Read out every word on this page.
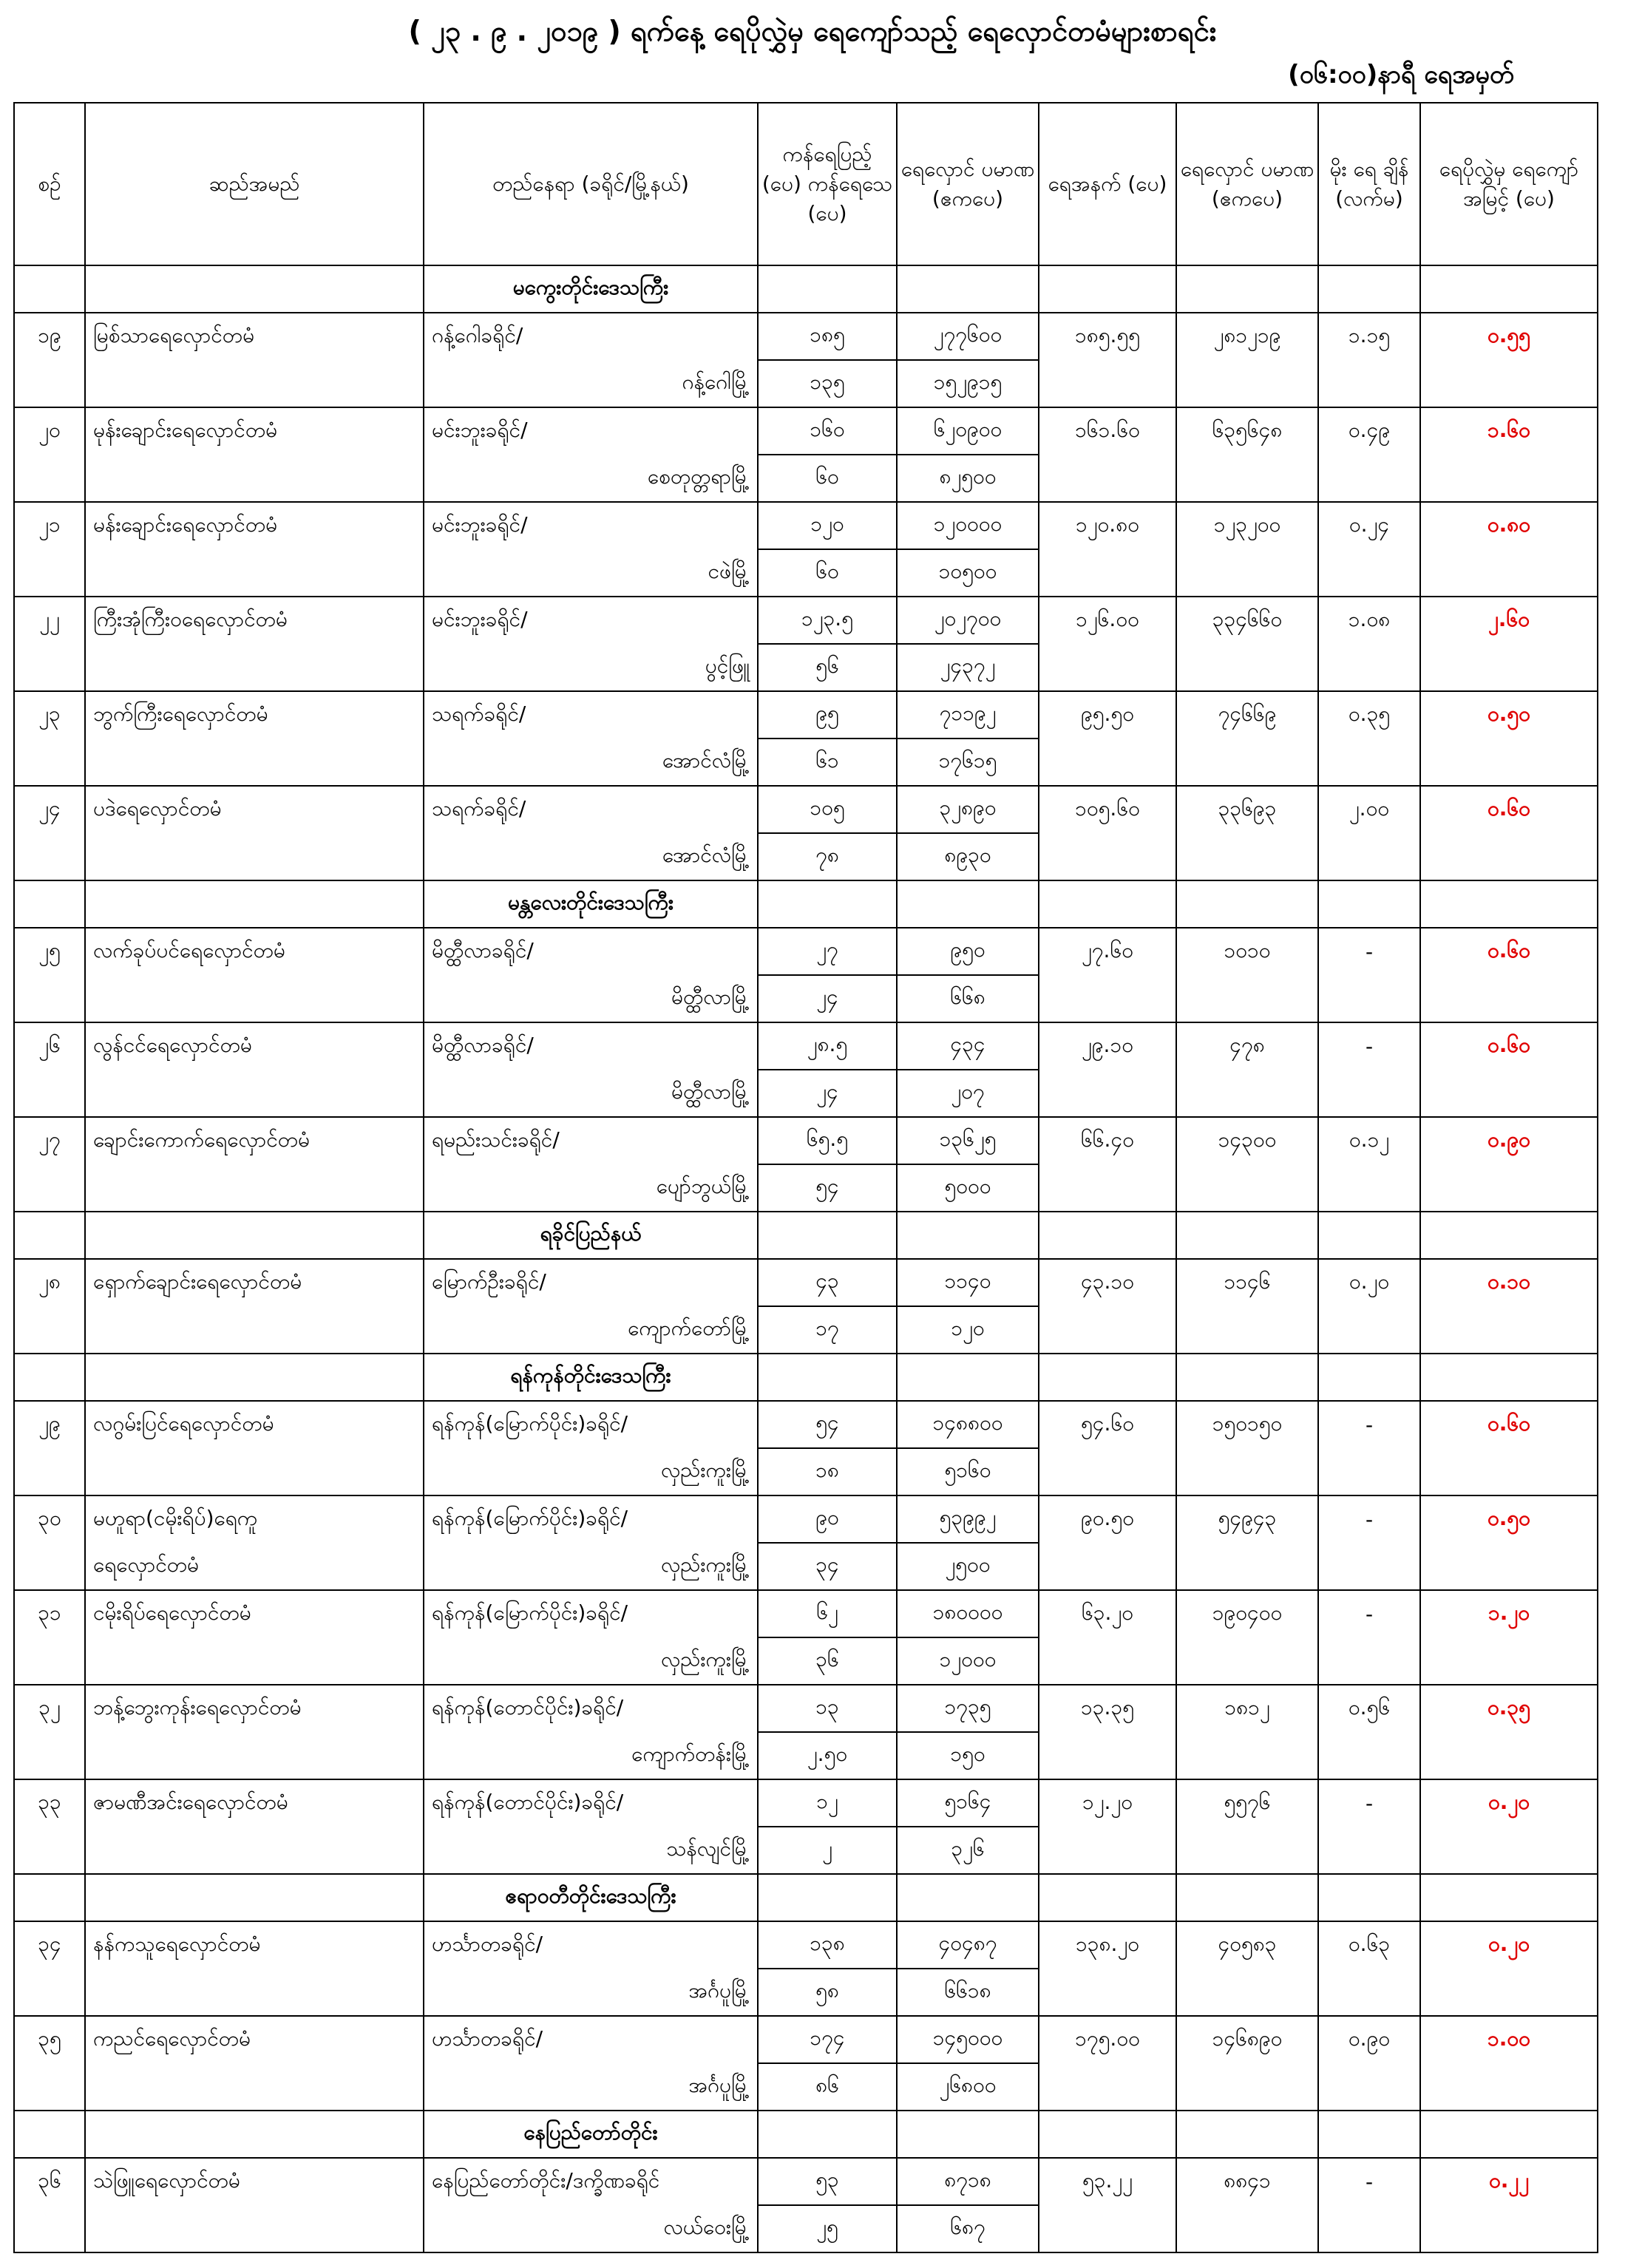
( ၂၃ . ၉ . ၂၀၁၉ ) ရက်နေ့ ရေပိုလွှဲမှ ရေကျော်သည့် ရေလှောင်တမံများစာရင်း
(၀၆:၀၀)နာရီ ရေအမှတ်
စဉ်	ဆည်အမည်	တည်နေရာ (ခရိုင်/မြို့နယ်)	ကန်ရေပြည့် (ပေ) ကန်ရေသေ (ပေ)	ရေလှောင် ပမာဏ (ဧကပေ)	ရေအနက် (ပေ)	ရေလှောင် ပမာဏ (ဧကပေ)	မိုး ရေ ချိန် (လက်မ)	ရေပိုလွှဲမှ ရေကျော် အမြင့် (ပေ)
		မကွေးတိုင်းဒေသကြီး						
၁၉	မြစ်သာရေလှောင်တမံ	ဂန့်ဂေါခရိုင်/	၁၈၅	၂၇၇၆၀၀	၁၈၅.၅၅	၂၈၁၂၁၉	၁.၁၅	၀.၅၅
		ဂန့်ဂေါမြို့	၁၃၅	၁၅၂၉၁၅				
၂၀	မုန်းချောင်းရေလှောင်တမံ	မင်းဘူးခရိုင်/	၁၆၀	၆၂၀၉၀၀	၁၆၁.၆၀	၆၃၅၆၄၈	၀.၄၉	၁.၆၀
		စေတုတ္တရာမြို့	၆၀	၈၂၅၀၀				
၂၁	မန်းချောင်းရေလှောင်တမံ	မင်းဘူးခရိုင်/	၁၂၀	၁၂၀၀၀၀	၁၂၀.၈၀	၁၂၃၂၀၀	၀.၂၄	၀.၈၀
		ငဖဲမြို့	၆၀	၁၀၅၀၀				
၂၂	ကြီးအုံကြီးဝရေလှောင်တမံ	မင်းဘူးခရိုင်/	၁၂၃.၅	၂၀၂၇၀၀	၁၂၆.၀၀	၃၃၄၆၆၀	၁.၀၈	၂.၆၀
		ပွင့်ဖြူ	၅၆	၂၄၃၇၂				
၂၃	ဘွက်ကြီးရေလှောင်တမံ	သရက်ခရိုင်/	၉၅	၇၁၁၉၂	၉၅.၅၀	၇၄၆၆၉	၀.၃၅	၀.၅၀
		အောင်လံမြို့	၆၁	၁၇၆၁၅				
၂၄	ပဒဲရေလှောင်တမံ	သရက်ခရိုင်/	၁၀၅	၃၂၈၉၀	၁၀၅.၆၀	၃၃၆၉၃	၂.၀၀	၀.၆၀
		အောင်လံမြို့	၇၈	၈၉၃၀				
		မန္တလေးတိုင်းဒေသကြီး						
၂၅	လက်ခုပ်ပင်ရေလှောင်တမံ	မိတ္ထီလာခရိုင်/	၂၇	၉၅၀	၂၇.၆၀	၁၀၁၀	-	၀.၆၀
		မိတ္ထီလာမြို့	၂၄	၆၆၈				
၂၆	လွန်ငင်ရေလှောင်တမံ	မိတ္ထီလာခရိုင်/	၂၈.၅	၄၃၄	၂၉.၁၀	၄၇၈	-	၀.၆၀
		မိတ္ထီလာမြို့	၂၄	၂၀၇				
၂၇	ချောင်းကောက်ရေလှောင်တမံ	ရမည်းသင်းခရိုင်/	၆၅.၅	၁၃၆၂၅	၆၆.၄၀	၁၄၃၀၀	၀.၁၂	၀.၉၀
		ပျော်ဘွယ်မြို့	၅၄	၅၀၀၀				
		ရခိုင်ပြည်နယ်						
၂၈	ရှောက်ချောင်းရေလှောင်တမံ	မြောက်ဦးခရိုင်/	၄၃	၁၁၄၀	၄၃.၁၀	၁၁၄၆	၀.၂၀	၀.၁၀
		ကျောက်တော်မြို့	၁၇	၁၂၀				
		ရန်ကုန်တိုင်းဒေသကြီး						
၂၉	လဂွမ်းပြင်ရေလှောင်တမံ	ရန်ကုန်(မြောက်ပိုင်း)ခရိုင်/	၅၄	၁၄၈၈၀၀	၅၄.၆၀	၁၅၀၁၅၀	-	၀.၆၀
		လှည်းကူးမြို့	၁၈	၅၁၆၀				
၃၀	မဟူရာ(ငမိုးရိပ်)ရေကူ	ရန်ကုန်(မြောက်ပိုင်း)ခရိုင်/	၉၀	၅၃၉၉၂	၉၀.၅၀	၅၄၉၄၃	-	၀.၅၀
	ရေလှောင်တမံ	လှည်းကူးမြို့	၃၄	၂၅၀၀				
၃၁	ငမိုးရိပ်ရေလှောင်တမံ	ရန်ကုန်(မြောက်ပိုင်း)ခရိုင်/	၆၂	၁၈၀၀၀၀	၆၃.၂၀	၁၉၀၄၀၀	-	၁.၂၀
		လှည်းကူးမြို့	၃၆	၁၂၀၀၀				
၃၂	ဘန့်ဘွေးကုန်းရေလှောင်တမံ	ရန်ကုန်(တောင်ပိုင်း)ခရိုင်/	၁၃	၁၇၃၅	၁၃.၃၅	၁၈၁၂	၀.၅၆	၀.၃၅
		ကျောက်တန်းမြို့	၂.၅၀	၁၅၀				
၃၃	ဇာမဏီအင်းရေလှောင်တမံ	ရန်ကုန်(တောင်ပိုင်း)ခရိုင်/	၁၂	၅၁၆၄	၁၂.၂၀	၅၅၇၆	-	၀.၂၀
		သန်လျင်မြို့	၂	၃၂၆				
		ဧရာဝတီတိုင်းဒေသကြီး						
၃၄	နန်ကသူရေလှောင်တမံ	ဟင်္သာတခရိုင်/	၁၃၈	၄၀၄၈၇	၁၃၈.၂၀	၄၀၅၈၃	၀.၆၃	၀.၂၀
		အင်္ဂပူမြို့	၅၈	၆၆၁၈				
၃၅	ကညင်ရေလှောင်တမံ	ဟင်္သာတခရိုင်/	၁၇၄	၁၄၅၀၀၀	၁၇၅.၀၀	၁၄၆၈၉၀	၀.၉၀	၁.၀၀
		အင်္ဂပူမြို့	၈၆	၂၆၈၀၀				
		နေပြည်တော်တိုင်း						
၃၆	သဲဖြူရေလှောင်တမံ	နေပြည်တော်တိုင်း/ဒက္ခိဏခရိုင်	၅၃	၈၇၁၈	၅၃.၂၂	၈၈၄၁	-	၀.၂၂
		လယ်ဝေးမြို့	၂၅	၆၈၇				
